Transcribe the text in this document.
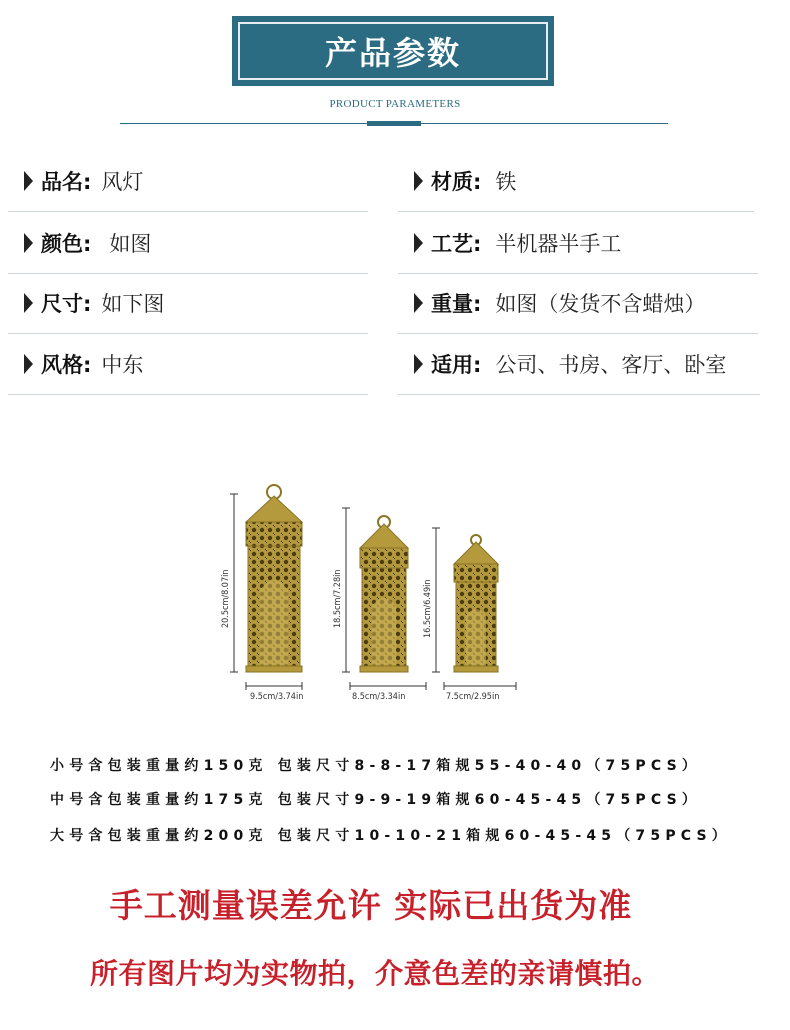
产品参数
PRODUCT PARAMETERS
品名: 风灯
颜色: 如图
尺寸: 如下图
风格: 中东
材质: 铁
工艺: 半机器半手工
重量: 如图（发货不含蜡烛）
适用: 公司、书房、客厅、卧室
20.5cm/8.07in	18.5cm/7.28in	16.5cm/6.49in
9.5cm/3.74in	8.5cm/3.34in	7.5cm/2.95in
小号含包装重量约150克 包装尺寸8-8-17箱规55-40-40（75PCS）
中号含包装重量约175克 包装尺寸9-9-19箱规60-45-45（75PCS）
大号含包装重量约200克 包装尺寸10-10-21箱规60-45-45（75PCS）
手工测量误差允许 实际已出货为准
所有图片均为实物拍，介意色差的亲请慎拍。
